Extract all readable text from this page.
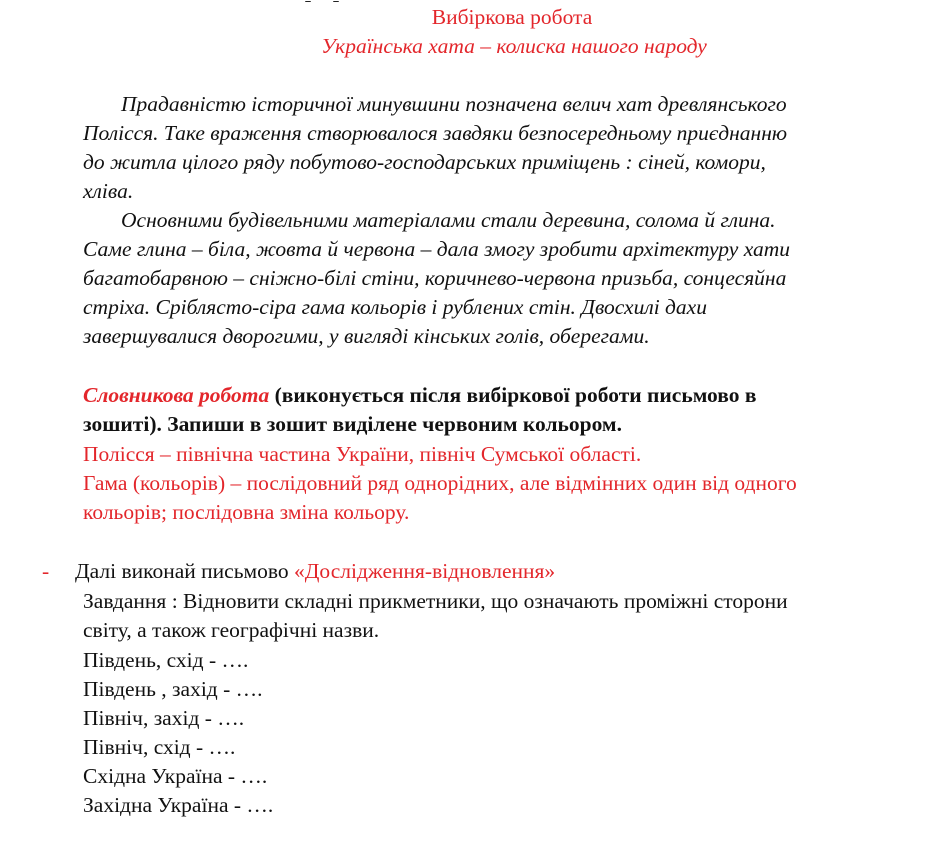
Вибіркова робота
Українська хата – колиска нашого народу
Прадавністю історичної минувшини позначена велич хат древлянського
Полісся. Таке враження створювалося завдяки безпосередньому приєднанню
до житла цілого ряду побутово-господарських приміщень : сіней, комори,
хліва.
Основними будівельними матеріалами стали деревина, солома й глина.
Саме глина – біла, жовта й червона – дала змогу зробити архітектуру хати
багатобарвною – сніжно-білі стіни, коричнево-червона призьба, сонцесяйна
стріха. Сріблясто-сіра гама кольорів і рублених стін. Двосхилі дахи
завершувалися дворогими, у вигляді кінських голів, оберегами.
Словникова робота (виконується після вибіркової роботи письмово в
зошиті). Запиши в зошит виділене червоним кольором.
Полісся – північна частина України, північ Сумської області.
Гама (кольорів) – послідовний ряд однорідних, але відмінних один від одного
кольорів; послідовна зміна кольору.
- Далі виконай письмово «Дослідження-відновлення»
Завдання : Відновити складні прикметники, що означають проміжні сторони
світу, а також географічні назви.
Південь, схід - ….
Південь , захід - ….
Північ, захід - ….
Північ, схід - ….
Східна Україна - ….
Західна Україна - ….
